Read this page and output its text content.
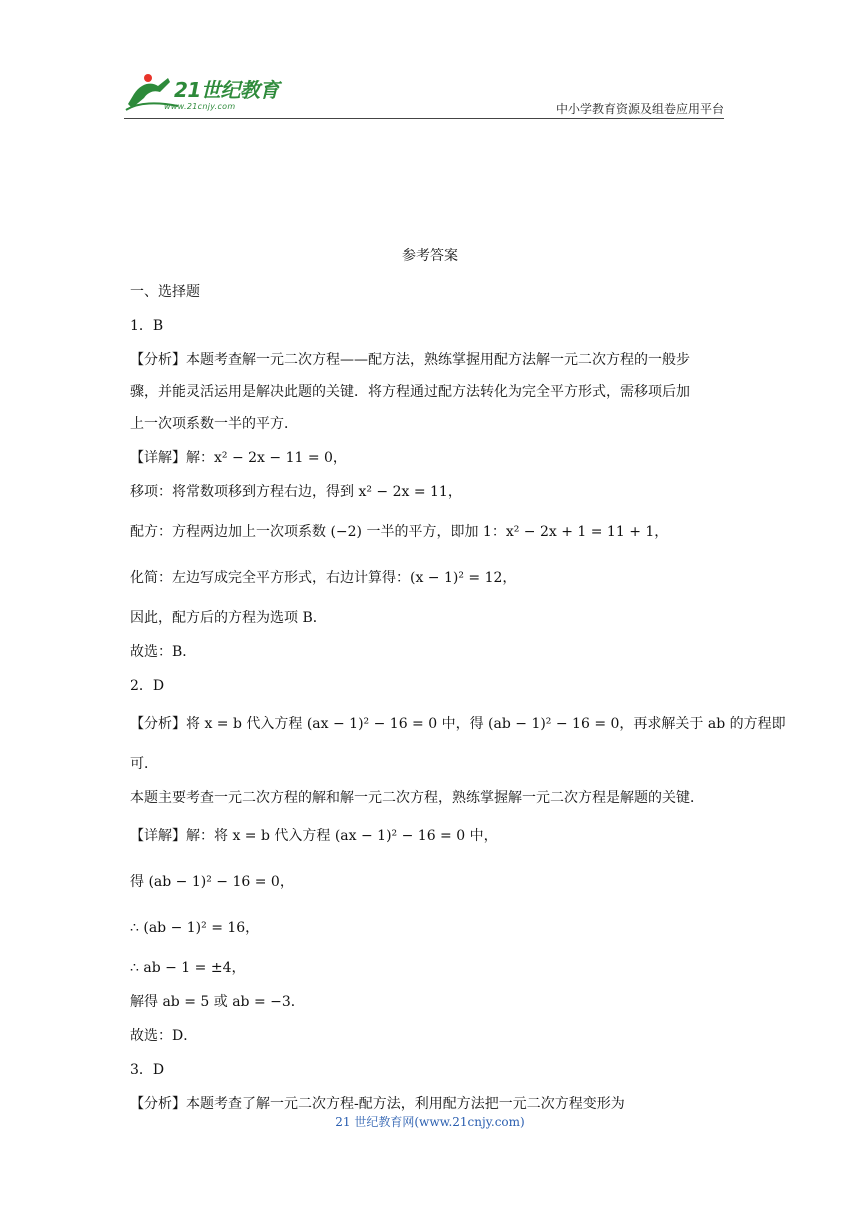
21世纪教育
www.21cnjy.com	中小学教育资源及组卷应用平台
参考答案
一、选择题
1．B
【分析】本题考查解一元二次方程——配方法，熟练掌握用配方法解一元二次方程的一般步
骤，并能灵活运用是解决此题的关键．将方程通过配方法转化为完全平方形式，需移项后加
上一次项系数一半的平方．
【详解】解：x² − 2x − 11 = 0，
移项：将常数项移到方程右边，得到 x² − 2x = 11，
配方：方程两边加上一次项系数 (−2) 一半的平方，即加 1：x² − 2x + 1 = 11 + 1，
化简：左边写成完全平方形式，右边计算得：(x − 1)² = 12，
因此，配方后的方程为选项 B．
故选：B．
2．D
【分析】将 x = b 代入方程 (ax − 1)² − 16 = 0 中，得 (ab − 1)² − 16 = 0，再求解关于 ab 的方程即
可．
本题主要考查一元二次方程的解和解一元二次方程，熟练掌握解一元二次方程是解题的关键．
【详解】解：将 x = b 代入方程 (ax − 1)² − 16 = 0 中，
得 (ab − 1)² − 16 = 0，
∴ (ab − 1)² = 16，
∴ ab − 1 = ±4，
解得 ab = 5 或 ab = −3．
故选：D．
3．D
【分析】本题考查了解一元二次方程-配方法，利用配方法把一元二次方程变形为
21 世纪教育网(www.21cnjy.com)
